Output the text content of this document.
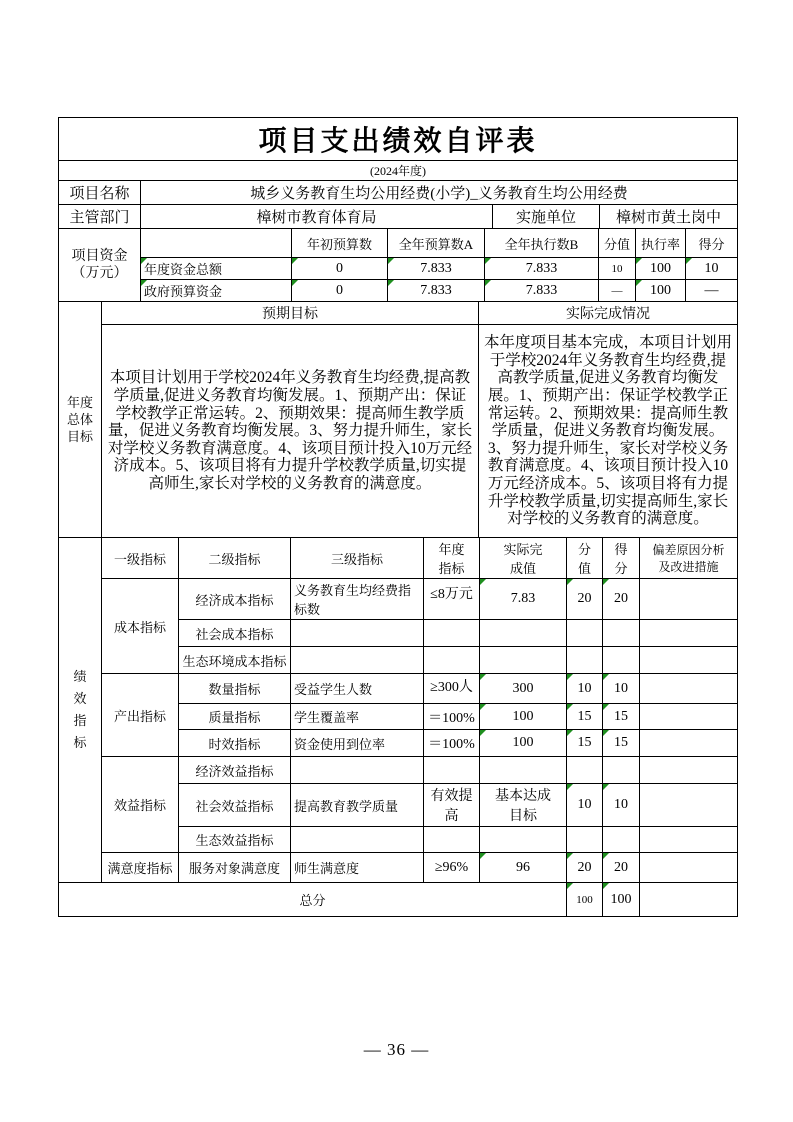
项目支出绩效自评表			
(2024年度)			
项目名称	城乡义务教育生均公用经费(小学)_义务教育生均公用经费		
主管部门	樟树市教育体育局	实施单位	樟树市黄土岗中
项目资金（万元）		年初预算数	全年预算数A	全年执行数B	分值	执行率	得分
	年度资金总额	0	7.833	7.833	10	100	10
	政府预算资金	0	7.833	7.833	—	100	—
年度总体目标	预期目标	实际完成情况
	本项目计划用于学校2024年义务教育生均经费,提高教学质量,促进义务教育均衡发展。1、预期产出：保证学校教学正常运转。2、预期效果：提高师生教学质量，促进义务教育均衡发展。3、努力提升师生，家长对学校义务教育满意度。4、该项目预计投入10万元经济成本。5、该项目将有力提升学校教学质量,切实提高师生,家长对学校的义务教育的满意度。	本年度项目基本完成，本项目计划用于学校2024年义务教育生均经费,提高教学质量,促进义务教育均衡发展。1、预期产出：保证学校教学正常运转。2、预期效果：提高师生教学质量，促进义务教育均衡发展。3、努力提升师生，家长对学校义务教育满意度。4、该项目预计投入10万元经济成本。5、该项目将有力提升学校教学质量,切实提高师生,家长对学校的义务教育的满意度。
绩效指标	一级指标	二级指标	三级指标	年度指标	实际完成值	分值	得分	偏差原因分析及改进措施

	成本指标	经济成本指标	义务教育生均经费指标数	≤8万元	7.83	20	20	
		社会成本指标						
		生态环境成本指标						
	产出指标	数量指标	受益学生人数	≥300人	300	10	10	
		质量指标	学生覆盖率	＝100%	100	15	15	
		时效指标	资金使用到位率	＝100%	100	15	15	
	效益指标	经济效益指标						
		社会效益指标	提高教育教学质量	有效提高	基本达成目标	10	10	
		生态效益指标						
	满意度指标	服务对象满意度	师生满意度	≥96%	96	20	20	
总分						100	100	
— 36 —
